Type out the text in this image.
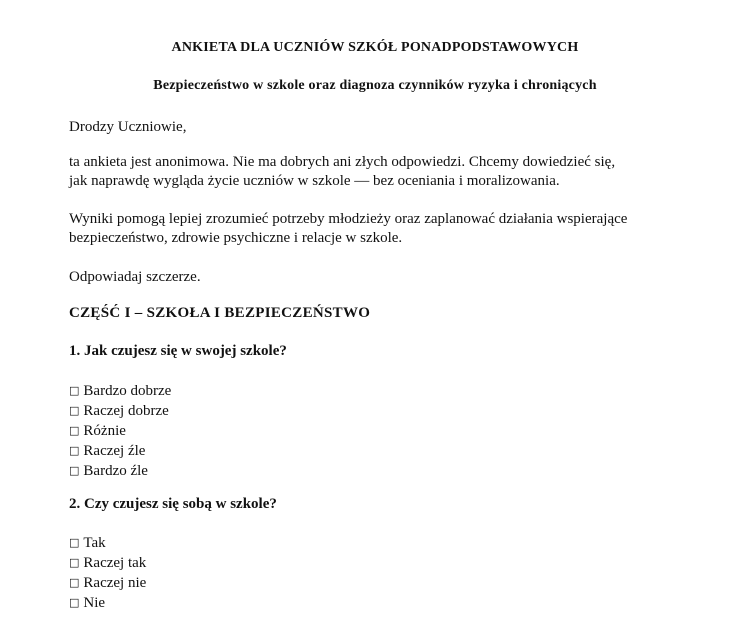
ANKIETA DLA UCZNIÓW SZKÓŁ PONADPODSTAWOWYCH
Bezpieczeństwo w szkole oraz diagnoza czynników ryzyka i chroniących
Drodzy Uczniowie,
ta ankieta jest anonimowa. Nie ma dobrych ani złych odpowiedzi. Chcemy dowiedzieć się,
jak naprawdę wygląda życie uczniów w szkole — bez oceniania i moralizowania.
Wyniki pomogą lepiej zrozumieć potrzeby młodzieży oraz zaplanować działania wspierające
bezpieczeństwo, zdrowie psychiczne i relacje w szkole.
Odpowiadaj szczerze.
CZĘŚĆ I – SZKOŁA I BEZPIECZEŃSTWO
1. Jak czujesz się w swojej szkole?
□ Bardzo dobrze
□ Raczej dobrze
□ Różnie
□ Raczej źle
□ Bardzo źle
2. Czy czujesz się sobą w szkole?
□ Tak
□ Raczej tak
□ Raczej nie
□ Nie
